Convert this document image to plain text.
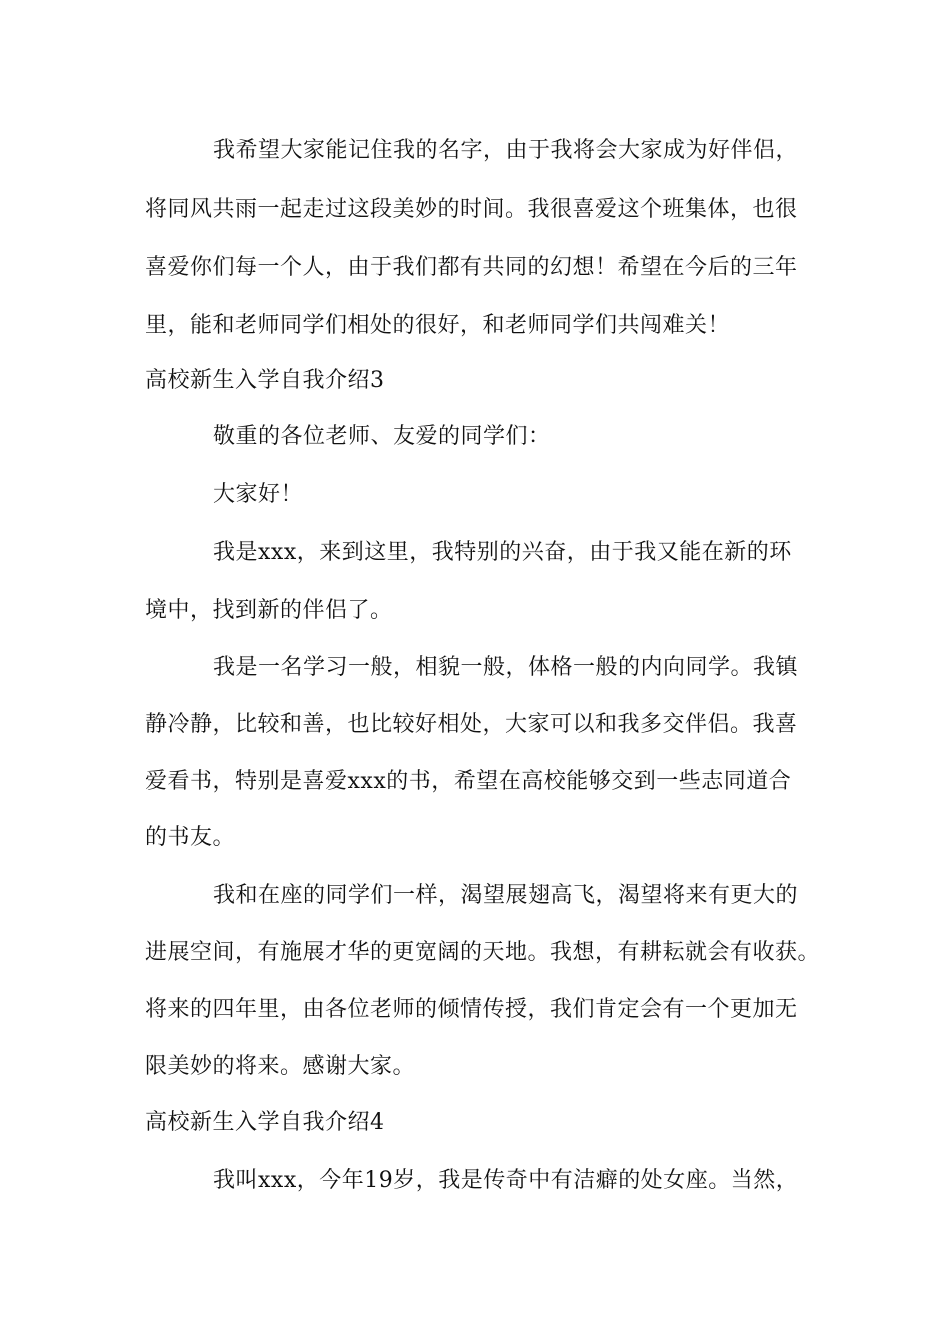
我希望大家能记住我的名字，由于我将会大家成为好伴侣，
将同风共雨一起走过这段美妙的时间。我很喜爱这个班集体，也很
喜爱你们每一个人，由于我们都有共同的幻想！希望在今后的三年
里，能和老师同学们相处的很好，和老师同学们共闯难关！
高校新生入学自我介绍3
敬重的各位老师、友爱的同学们：
大家好！
我是xxx，来到这里，我特别的兴奋，由于我又能在新的环
境中，找到新的伴侣了。
我是一名学习一般，相貌一般，体格一般的内向同学。我镇
静冷静，比较和善，也比较好相处，大家可以和我多交伴侣。我喜
爱看书，特别是喜爱xxx的书，希望在高校能够交到一些志同道合
的书友。
我和在座的同学们一样，渴望展翅高飞，渴望将来有更大的
进展空间，有施展才华的更宽阔的天地。我想，有耕耘就会有收获。
将来的四年里，由各位老师的倾情传授，我们肯定会有一个更加无
限美妙的将来。感谢大家。
高校新生入学自我介绍4
我叫xxx，今年19岁，我是传奇中有洁癖的处女座。当然，
